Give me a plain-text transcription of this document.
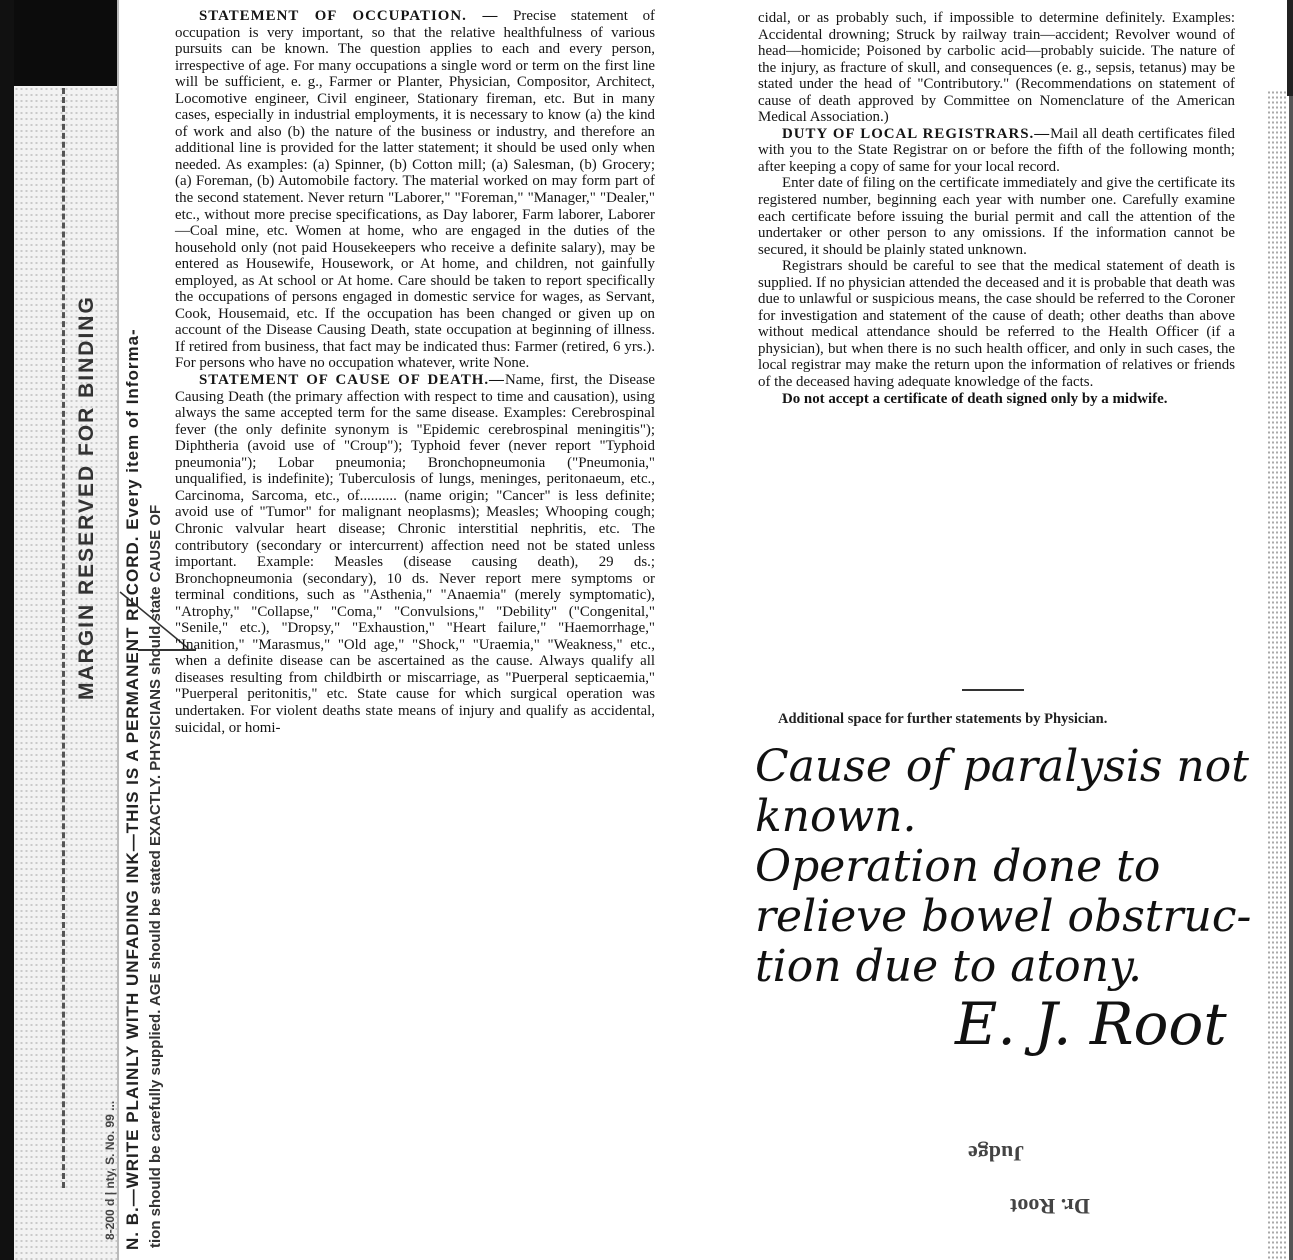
MARGIN RESERVED FOR BINDING
8-200 d | nty, S. No. 99 ... N. B.—WRITE PLAINLY WITH UNFADING INK—THIS IS A PERMANENT RECORD. Every item of Informa- tion should be carefully supplied. AGE should be stated EXACTLY. PHYSICIANS should state CAUSE OF

STATEMENT OF OCCUPATION. — Precise statement of occupation is very important, so that the relative healthfulness of various pursuits can be known. The question applies to each and every person, irrespective of age. For many occupations a single word or term on the first line will be sufficient, e. g., Farmer or Planter, Physician, Compositor, Architect, Locomotive engineer, Civil engineer, Stationary fireman, etc. But in many cases, especially in industrial employments, it is necessary to know (a) the kind of work and also (b) the nature of the business or industry, and therefore an additional line is provided for the latter statement; it should be used only when needed. As examples: (a) Spinner, (b) Cotton mill; (a) Salesman, (b) Grocery; (a) Foreman, (b) Automobile factory. The material worked on may form part of the second statement. Never return "Laborer," "Foreman," "Manager," "Dealer," etc., without more precise specifications, as Day laborer, Farm laborer, Laborer—Coal mine, etc. Women at home, who are engaged in the duties of the household only (not paid Housekeepers who receive a definite salary), may be entered as Housewife, Housework, or At home, and children, not gainfully employed, as At school or At home. Care should be taken to report specifically the occupations of persons engaged in domestic service for wages, as Servant, Cook, Housemaid, etc. If the occupation has been changed or given up on account of the Disease Causing Death, state occupation at beginning of illness. If retired from business, that fact may be indicated thus: Farmer (retired, 6 yrs.). For persons who have no occupation whatever, write None.

STATEMENT OF CAUSE OF DEATH.—Name, first, the Disease Causing Death (the primary affection with respect to time and causation), using always the same accepted term for the same disease. Examples: Cerebrospinal fever (the only definite synonym is "Epidemic cerebrospinal meningitis"); Diphtheria (avoid use of "Croup"); Typhoid fever (never report "Typhoid pneumonia"); Lobar pneumonia; Bronchopneumonia ("Pneumonia," unqualified, is indefinite); Tuberculosis of lungs, meninges, peritonaeum, etc., Carcinoma, Sarcoma, etc., of.......... (name origin; "Cancer" is less definite; avoid use of "Tumor" for malignant neoplasms); Measles; Whooping cough; Chronic valvular heart disease; Chronic interstitial nephritis, etc. The contributory (secondary or intercurrent) affection need not be stated unless important. Example: Measles (disease causing death), 29 ds.; Bronchopneumonia (secondary), 10 ds. Never report mere symptoms or terminal conditions, such as "Asthenia," "Anaemia" (merely symptomatic), "Atrophy," "Collapse," "Coma," "Convulsions," "Debility" ("Congenital," "Senile," etc.), "Dropsy," "Exhaustion," "Heart failure," "Haemorrhage," "Inanition," "Marasmus," "Old age," "Shock," "Uraemia," "Weakness," etc., when a definite disease can be ascertained as the cause. Always qualify all diseases resulting from childbirth or miscarriage, as "Puerperal septicaemia," "Puerperal peritonitis," etc. State cause for which surgical operation was undertaken. For violent deaths state means of injury and qualify as accidental, suicidal, or homi-

cidal, or as probably such, if impossible to determine definitely. Examples: Accidental drowning; Struck by railway train—accident; Revolver wound of head—homicide; Poisoned by carbolic acid—probably suicide. The nature of the injury, as fracture of skull, and consequences (e. g., sepsis, tetanus) may be stated under the head of "Contributory." (Recommendations on statement of cause of death approved by Committee on Nomenclature of the American Medical Association.)

DUTY OF LOCAL REGISTRARS.—Mail all death certificates filed with you to the State Registrar on or before the fifth of the following month; after keeping a copy of same for your local record.

Enter date of filing on the certificate immediately and give the certificate its registered number, beginning each year with number one. Carefully examine each certificate before issuing the burial permit and call the attention of the undertaker or other person to any omissions. If the information cannot be secured, it should be plainly stated unknown.

Registrars should be careful to see that the medical statement of death is supplied. If no physician attended the deceased and it is probable that death was due to unlawful or suspicious means, the case should be referred to the Coroner for investigation and statement of the cause of death; other deaths than above without medical attendance should be referred to the Health Officer (if a physician), but when there is no such health officer, and only in such cases, the local registrar may make the return upon the information of relatives or friends of the deceased having adequate knowledge of the facts.

Do not accept a certificate of death signed only by a midwife.

Additional space for further statements by Physician.
Cause of paralysis not
known.
Operation done to
relieve bowel obstruc-
tion due to atony.
E. J. Root
Judge
Dr. Root
